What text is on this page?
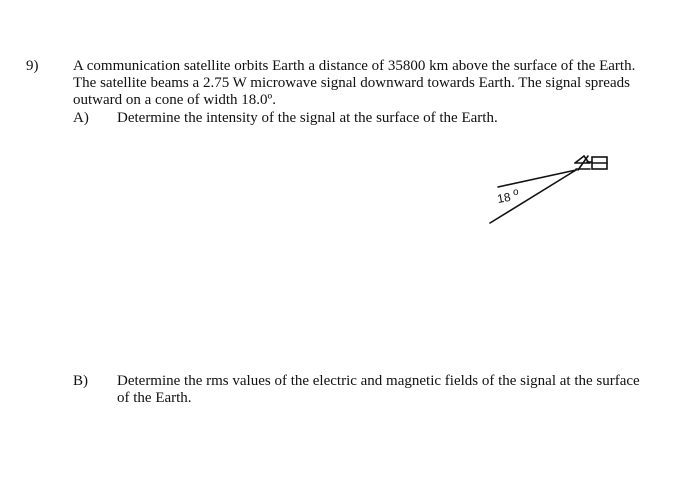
9) A communication satellite orbits Earth a distance of 35800 km above the surface of the Earth.

The satellite beams a 2.75 W microwave signal downward towards Earth. The signal spreads

outward on a cone of width 18.0º.

A) Determine the intensity of the signal at the surface of the Earth.
18 o
B) Determine the rms values of the electric and magnetic fields of the signal at the surface
of the Earth.
